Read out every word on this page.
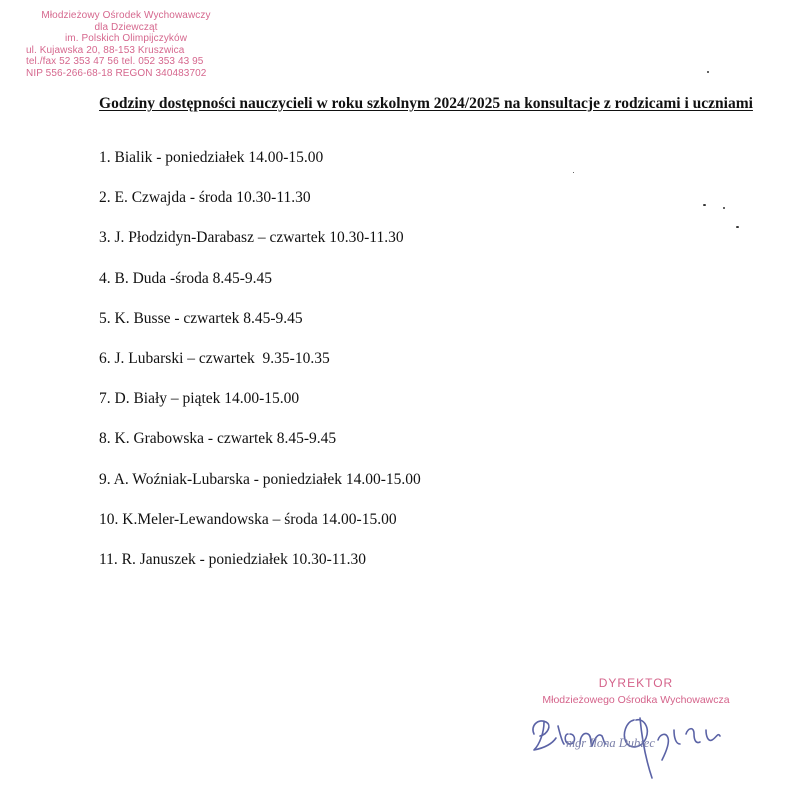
Młodzieżowy Ośrodek Wychowawczy
dla Dziewcząt
im. Polskich Olimpijczyków
ul. Kujawska 20, 88-153 Kruszwica
tel./fax 52 353 47 56 tel. 052 353 43 95
NIP 556-266-68-18 REGON 340483702
Godziny dostępności nauczycieli w roku szkolnym 2024/2025 na konsultacje z rodzicami i uczniami
1. Bialik - poniedziałek 14.00-15.00
2. E. Czwajda - środa 10.30-11.30
3. J. Płodzidyn-Darabasz – czwartek 10.30-11.30
4. B. Duda -środa 8.45-9.45
5. K. Busse - czwartek 8.45-9.45
6. J. Lubarski – czwartek  9.35-10.35
7. D. Biały – piątek 14.00-15.00
8. K. Grabowska - czwartek 8.45-9.45
9. A. Woźniak-Lubarska - poniedziałek 14.00-15.00
10. K.Meler-Lewandowska – środa 14.00-15.00
11. R. Januszek - poniedziałek 10.30-11.30
DYREKTOR
Młodzieżowego Ośrodka Wychowawcza
mgr Ilona Dubiec
